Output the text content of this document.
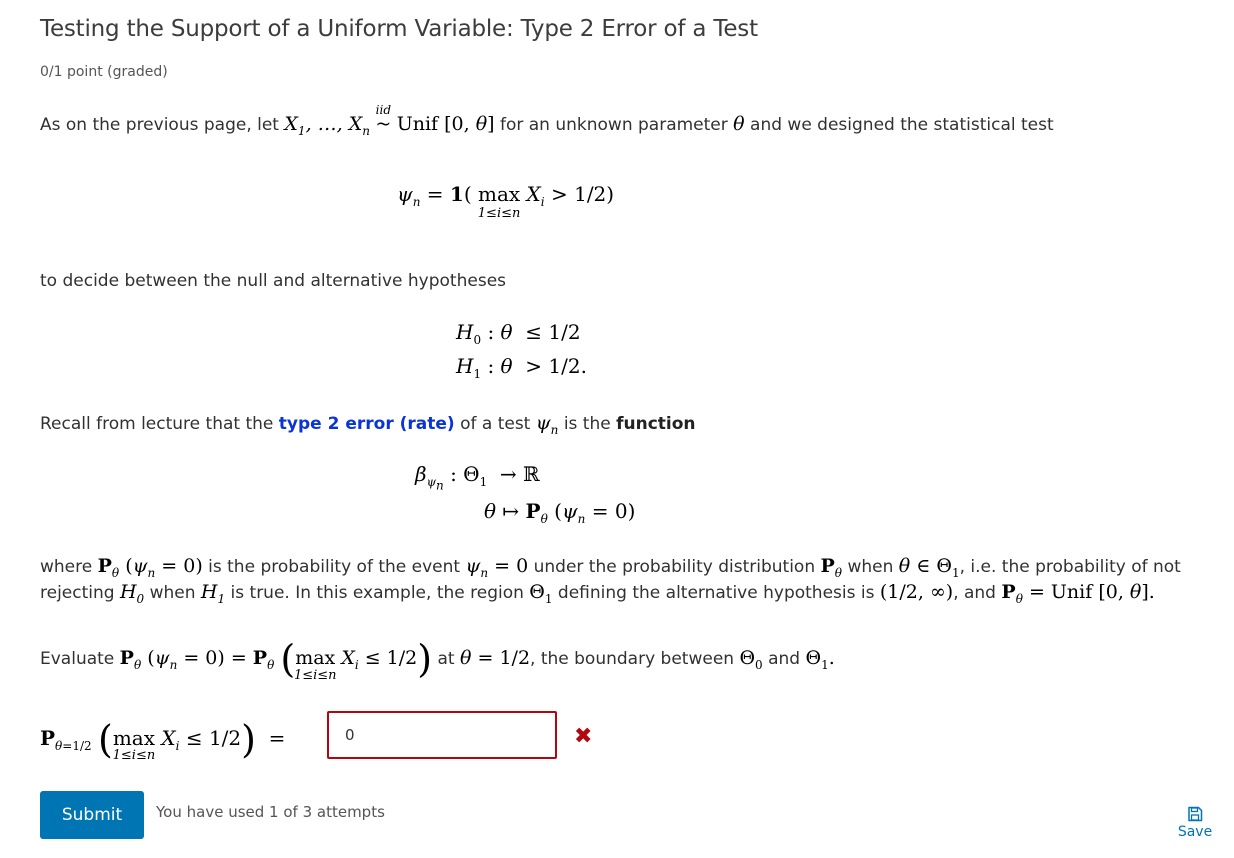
Testing the Support of a Uniform Variable: Type 2 Error of a Test
0/1 point (graded)
As on the previous page, let $X_1$, …, $X_n$
iid
~ Unif [0, θ] for an unknown parameter θ and we designed the statistical test
$\psi_n = 1$( max
1≤i≤n
$X_i > 1/2$)
to decide between the null and alternative hypotheses
$H_0$ : θ  ≤ 1/2
$H_1$ : θ  > 1/2.
Recall from lecture that the type 2 error (rate) of a test $\psi_n$ is the function
$\beta_{\psi_n}$ : $\Theta_1$  → ℝ
θ ↦ $P_\theta$ $(\psi_n = 0)$
where $P_\theta$ $(\psi_n = 0)$ is the probability of the event $\psi_n = 0$ under the probability distribution $P_\theta$ when θ ∈ $\Theta_1$, i.e. the probability of not
rejecting $H_0$ when $H_1$ is true. In this example, the region $\Theta_1$ defining the alternative hypothesis is (1/2, ∞), and $P_\theta$ = Unif [0, θ].
Evaluate $P_\theta$ $(\psi_n = 0) = P_\theta$ (max
1≤i≤n
$X_i \le 1/2$) at θ = 1/2, the boundary between $\Theta_0$ and $\Theta_1$.
$P_{\theta=1/2}$ (max
1≤i≤n
$X_i \le 1/2$)  =
0	✖
Submit	You have used 1 of 3 attempts
Save
